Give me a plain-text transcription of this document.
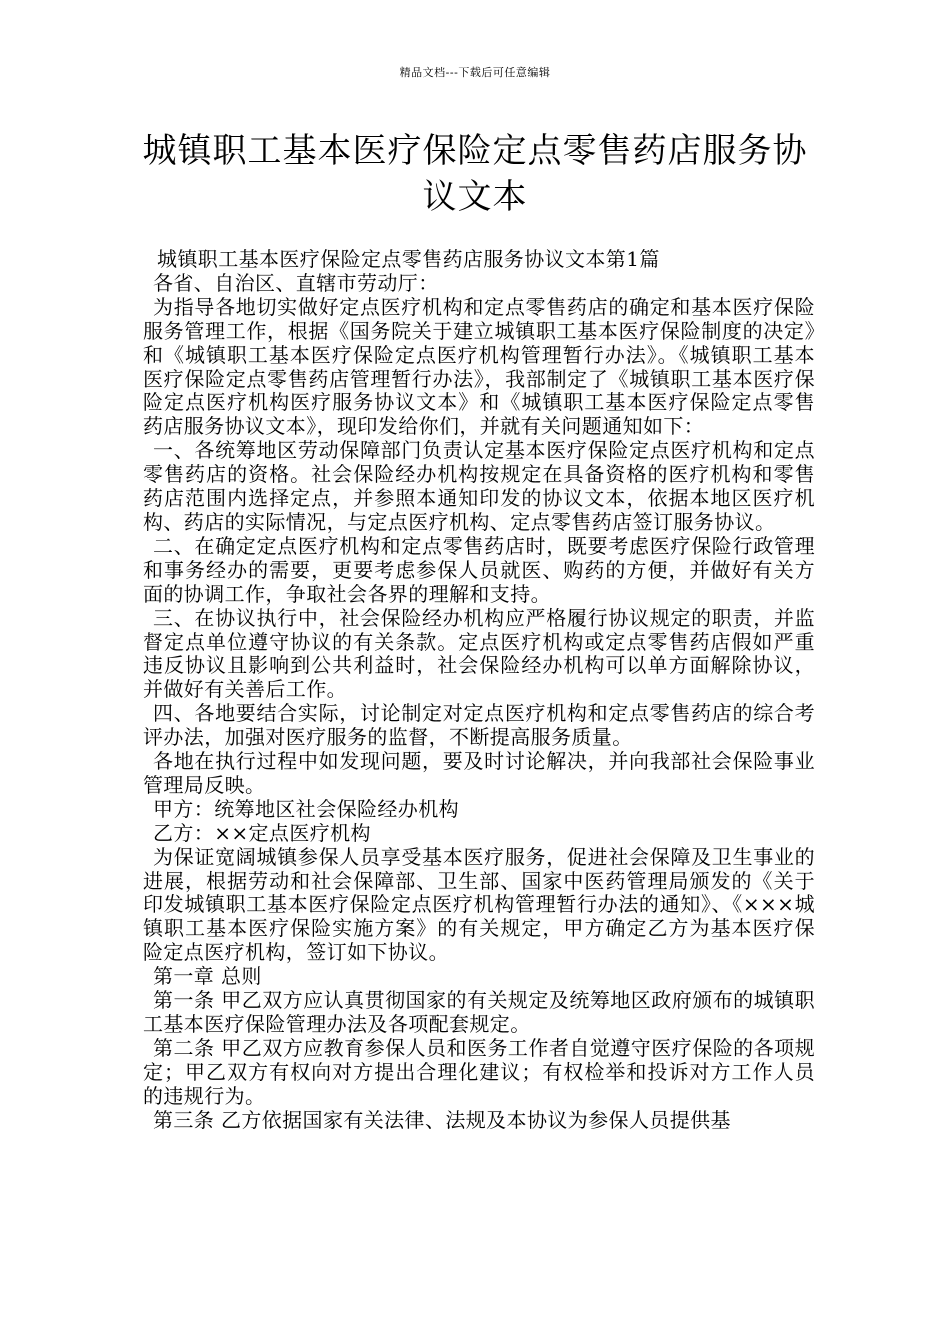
精品文档---下载后可任意编辑
城镇职工基本医疗保险定点零售药店服务协议文本

城镇职工基本医疗保险定点零售药店服务协议文本第1篇

各省、自治区、直辖市劳动厅：

为指导各地切实做好定点医疗机构和定点零售药店的确定和基本医疗保险服务管理工作，根据《国务院关于建立城镇职工基本医疗保险制度的决定》和《城镇职工基本医疗保险定点医疗机构管理暂行办法》。《城镇职工基本医疗保险定点零售药店管理暂行办法》，我部制定了《城镇职工基本医疗保险定点医疗机构医疗服务协议文本》和《城镇职工基本医疗保险定点零售药店服务协议文本》，现印发给你们，并就有关问题通知如下：

一、各统筹地区劳动保障部门负责认定基本医疗保险定点医疗机构和定点零售药店的资格。社会保险经办机构按规定在具备资格的医疗机构和零售药店范围内选择定点，并参照本通知印发的协议文本，依据本地区医疗机构、药店的实际情况，与定点医疗机构、定点零售药店签订服务协议。

二、在确定定点医疗机构和定点零售药店时，既要考虑医疗保险行政管理和事务经办的需要，更要考虑参保人员就医、购药的方便，并做好有关方面的协调工作，争取社会各界的理解和支持。

三、在协议执行中，社会保险经办机构应严格履行协议规定的职责，并监督定点单位遵守协议的有关条款。定点医疗机构或定点零售药店假如严重违反协议且影响到公共利益时，社会保险经办机构可以单方面解除协议，并做好有关善后工作。

四、各地要结合实际，讨论制定对定点医疗机构和定点零售药店的综合考评办法，加强对医疗服务的监督，不断提高服务质量。

各地在执行过程中如发现问题，要及时讨论解决，并向我部社会保险事业管理局反映。

甲方：统筹地区社会保险经办机构

乙方：××定点医疗机构

为保证宽阔城镇参保人员享受基本医疗服务，促进社会保障及卫生事业的进展，根据劳动和社会保障部、卫生部、国家中医药管理局颁发的《关于印发城镇职工基本医疗保险定点医疗机构管理暂行办法的通知》、《×××城镇职工基本医疗保险实施方案》的有关规定，甲方确定乙方为基本医疗保险定点医疗机构，签订如下协议。

第一章 总则

第一条 甲乙双方应认真贯彻国家的有关规定及统筹地区政府颁布的城镇职工基本医疗保险管理办法及各项配套规定。

第二条 甲乙双方应教育参保人员和医务工作者自觉遵守医疗保险的各项规定；甲乙双方有权向对方提出合理化建议；有权检举和投诉对方工作人员的违规行为。

第三条 乙方依据国家有关法律、法规及本协议为参保人员提供基
